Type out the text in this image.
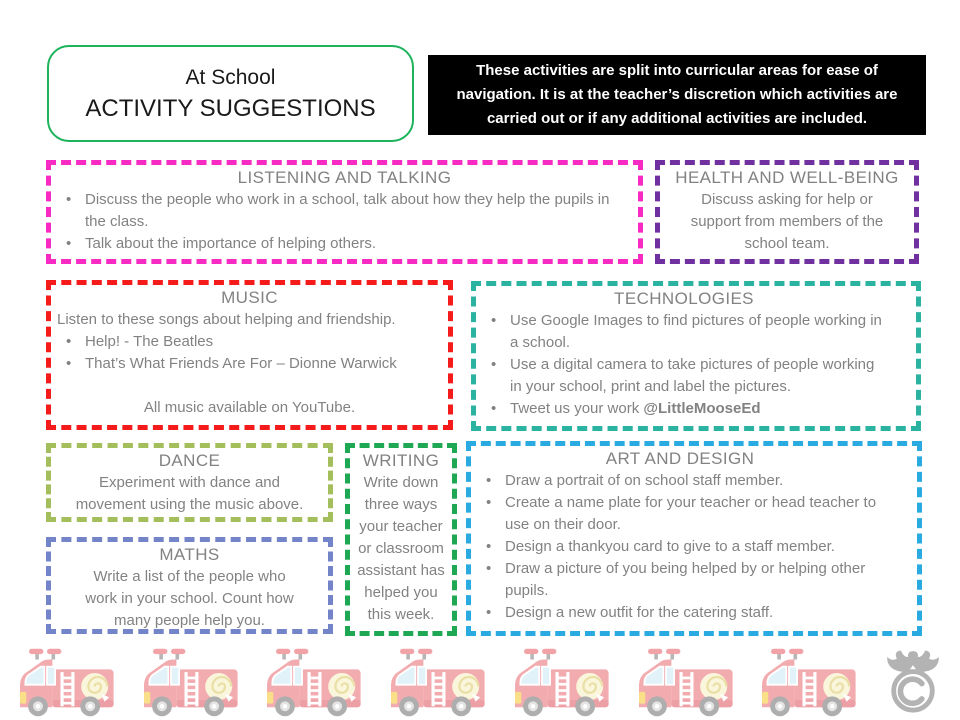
At School
ACTIVITY SUGGESTIONS
These activities are split into curricular areas for ease of navigation. It is at the teacher’s discretion which activities are carried out or if any additional activities are included.
LISTENING AND TALKING
• Discuss the people who work in a school, talk about how they help the pupils in the class.
• Talk about the importance of helping others.
HEALTH AND WELL-BEING
Discuss asking for help or support from members of the school team.
MUSIC
Listen to these songs about helping and friendship.
• Help! - The Beatles
• That’s What Friends Are For – Dionne Warwick
All music available on YouTube.
TECHNOLOGIES
• Use Google Images to find pictures of people working in a school.
• Use a digital camera to take pictures of people working in your school, print and label the pictures.
• Tweet us your work @LittleMooseEd
DANCE
Experiment with dance and movement using the music above.
WRITING
Write down three ways your teacher or classroom assistant has helped you this week.
ART AND DESIGN
• Draw a portrait of on school staff member.
• Create a name plate for your teacher or head teacher to use on their door.
• Design a thankyou card to give to a staff member.
• Draw a picture of you being helped by or helping other pupils.
• Design a new outfit for the catering staff.
MATHS
Write a list of the people who work in your school. Count how many people help you.
